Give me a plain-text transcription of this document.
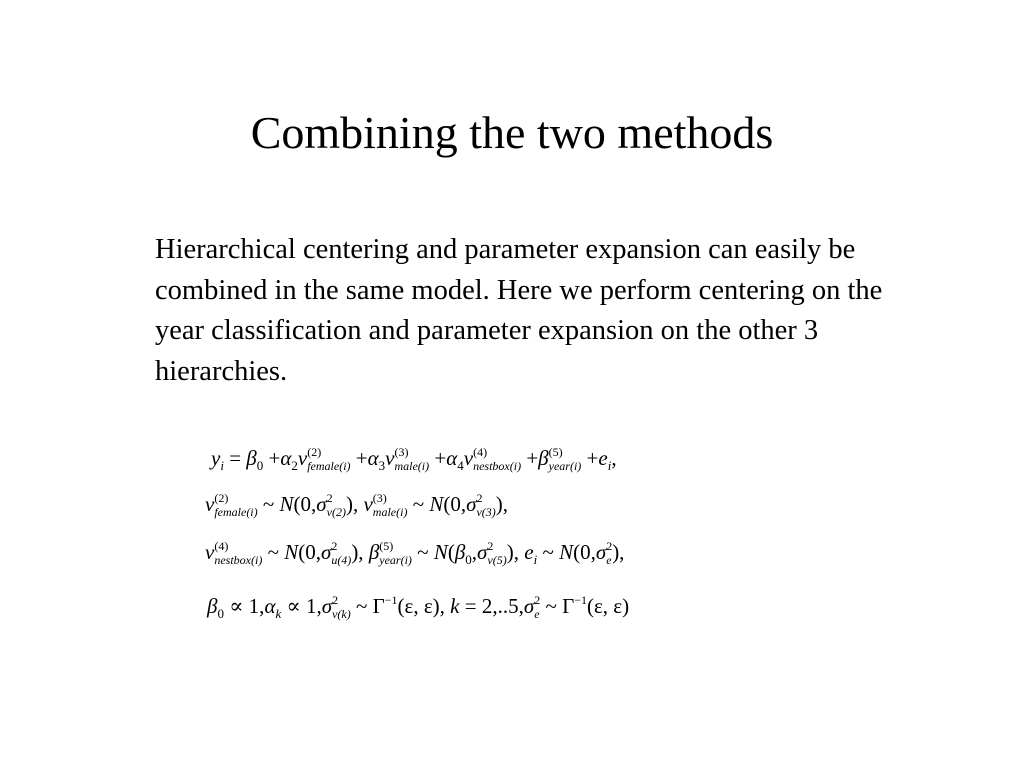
Combining the two methods

Hierarchical centering and parameter expansion can easily be combined in the same model. Here we perform centering on the year classification and parameter expansion on the other 3 hierarchies.

$y_i = \beta_0 +\alpha_2v$ (2)
female(i) $+\alpha_3v$ (3)
male(i) $+\alpha_4v$ (4)
nestbox(i) +β (5)
year(i) $+e_i$,
v (2)
female(i) ~ N(0,σ 2
v(2) ), v (3)
male(i) ~ N(0,σ 2
v(3) ),
v (4)
nestbox(i) ~ N(0,σ 2
u(4) ), β (5)
year(i) ~ $N(\beta_0,\sigma$ 2
v(5) ), $e_i$ ~ N(0,σ 2
e ),
$\beta_0 \propto 1,\alpha_k \propto 1,\sigma$ 2
v(k) ~ $\Gamma^{-1}(\varepsilon$, ε), k = 2,..5,σ 2
e ~ $\Gamma^{-1}(\varepsilon$, ε)
